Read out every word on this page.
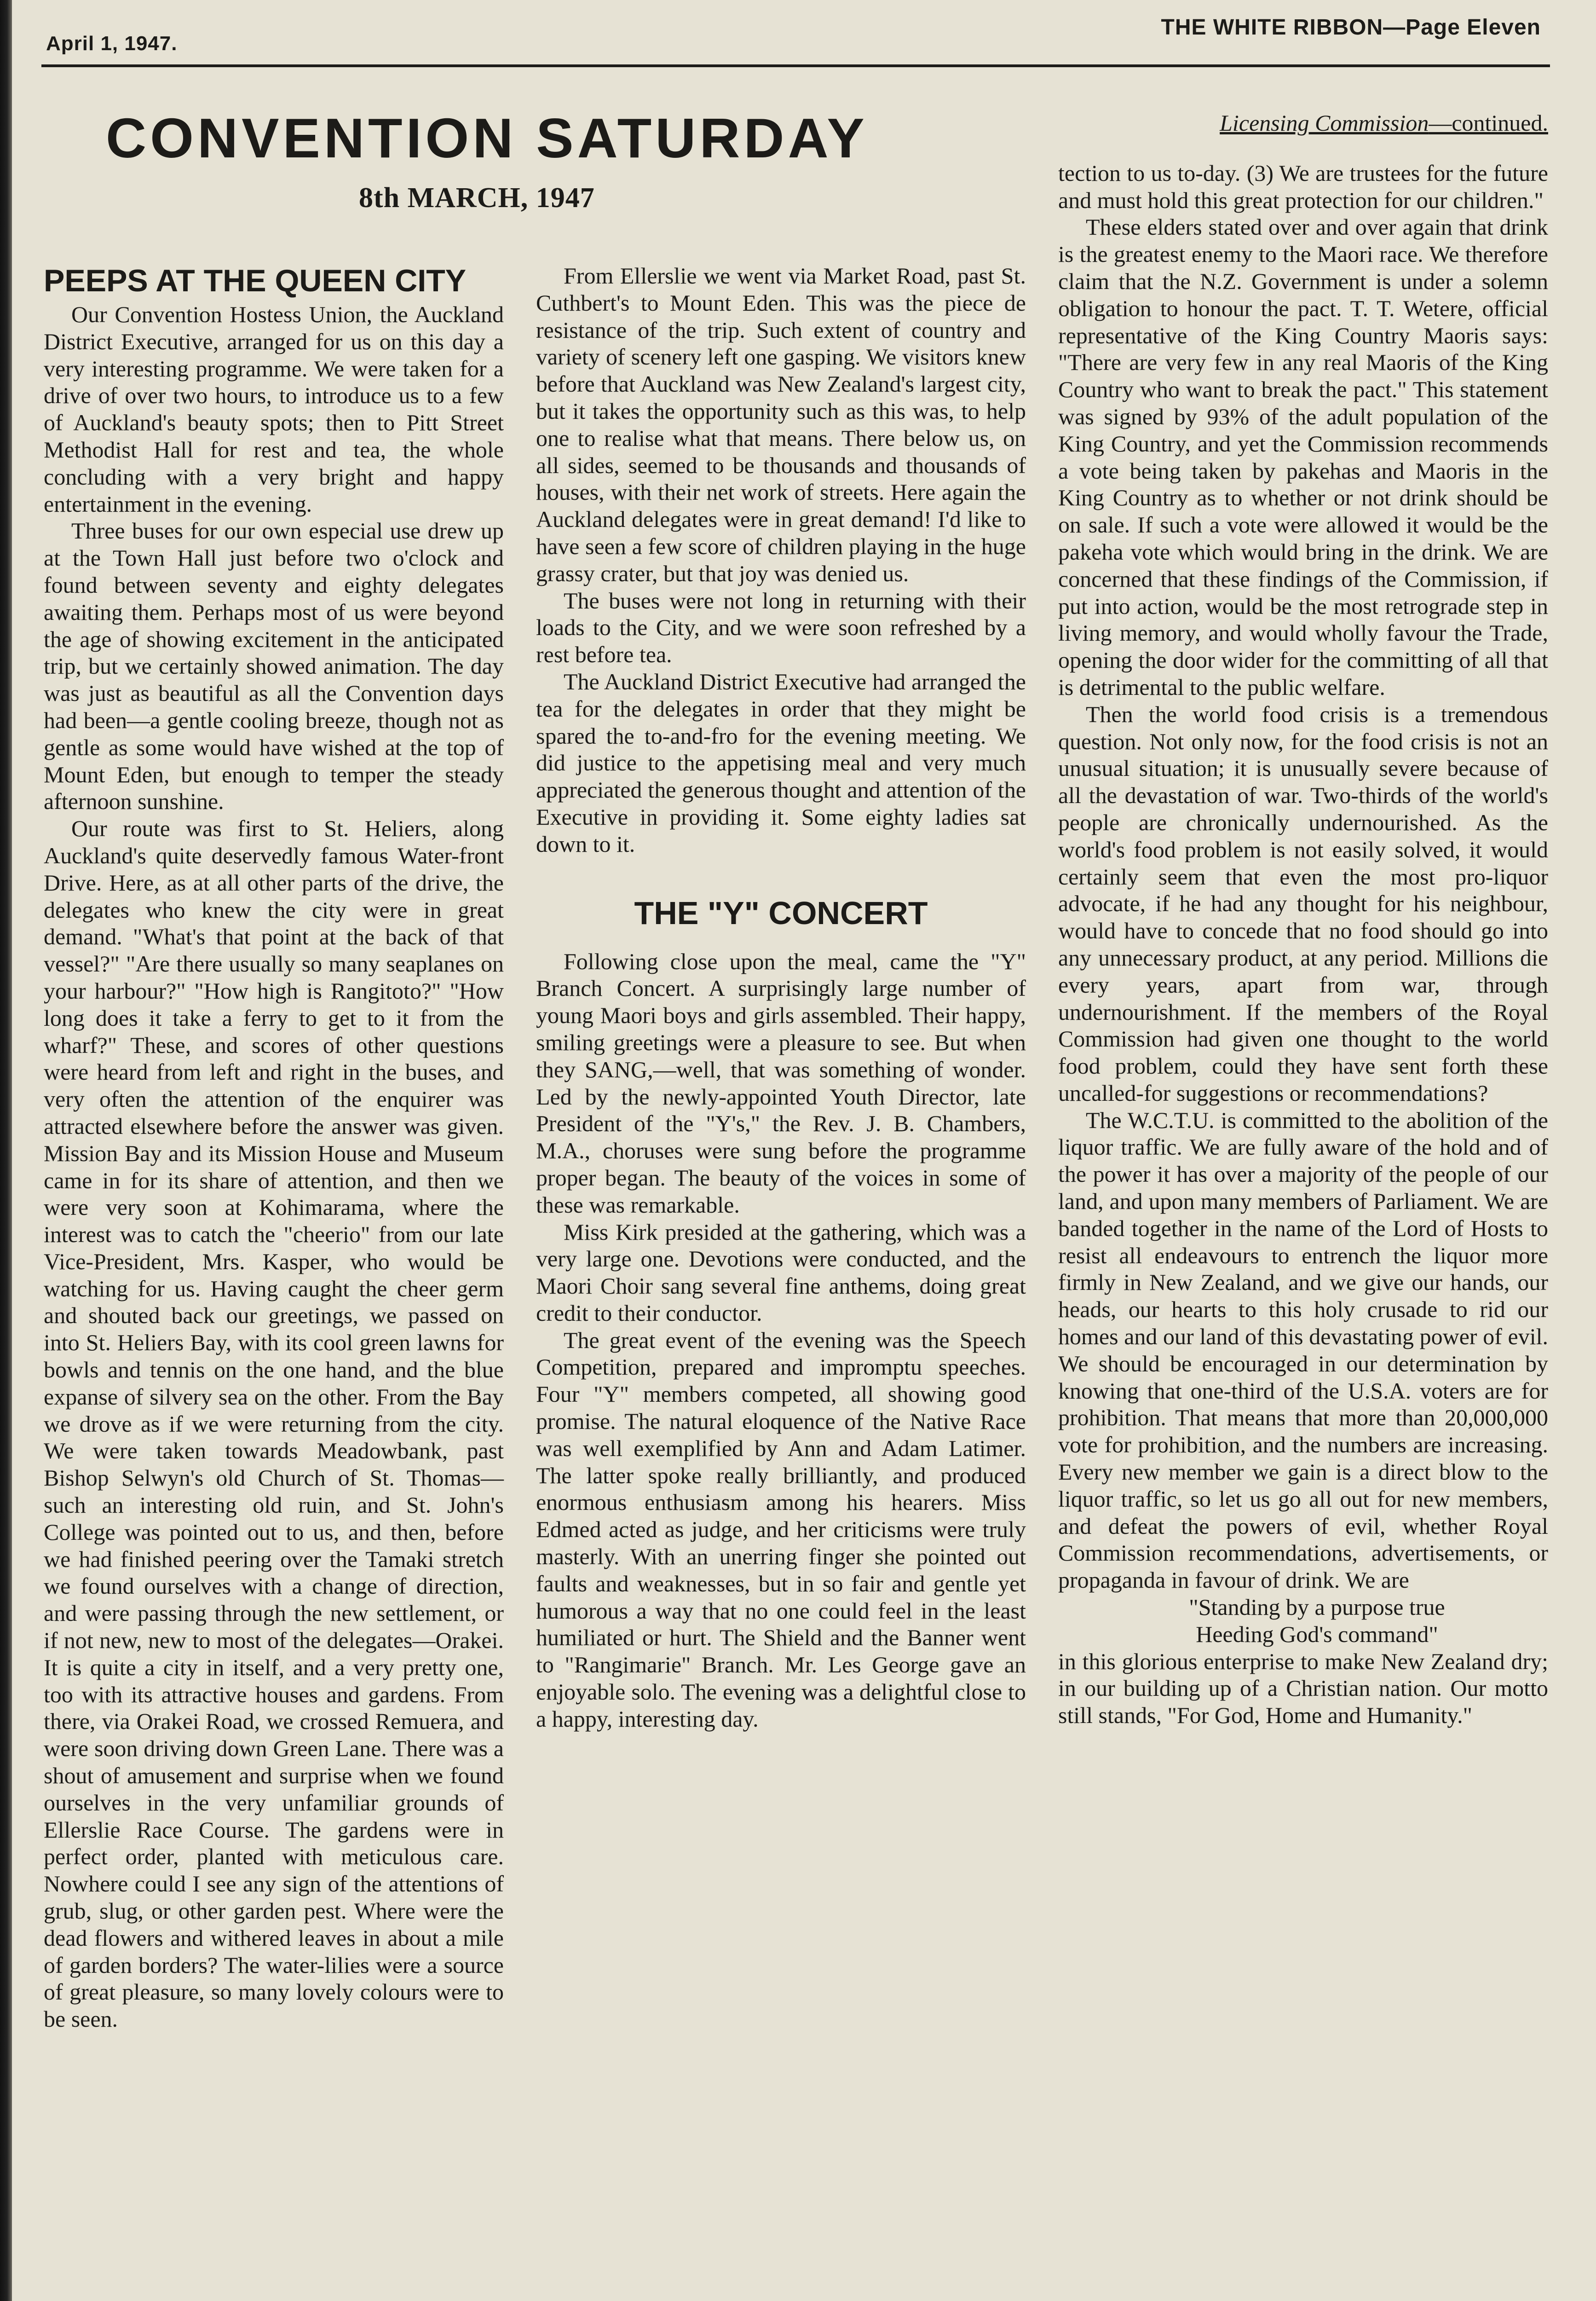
April 1, 1947.
THE WHITE RIBBON—Page Eleven
CONVENTION SATURDAY
8th MARCH, 1947
PEEPS AT THE QUEEN CITY

Our Convention Hostess Union, the Auckland District Executive, arranged for us on this day a very interesting programme. We were taken for a drive of over two hours, to introduce us to a few of Auckland's beauty spots; then to Pitt Street Methodist Hall for rest and tea, the whole concluding with a very bright and happy entertainment in the evening.

Three buses for our own especial use drew up at the Town Hall just before two o'clock and found between seventy and eighty delegates awaiting them. Perhaps most of us were beyond the age of showing excitement in the anticipated trip, but we certainly showed animation. The day was just as beautiful as all the Convention days had been—a gentle cooling breeze, though not as gentle as some would have wished at the top of Mount Eden, but enough to temper the steady afternoon sunshine.

Our route was first to St. Heliers, along Auckland's quite deservedly famous Water-front Drive. Here, as at all other parts of the drive, the delegates who knew the city were in great demand. "What's that point at the back of that vessel?" "Are there usually so many seaplanes on your harbour?" "How high is Rangitoto?" "How long does it take a ferry to get to it from the wharf?" These, and scores of other questions were heard from left and right in the buses, and very often the attention of the enquirer was attracted elsewhere before the answer was given. Mission Bay and its Mission House and Museum came in for its share of attention, and then we were very soon at Kohimarama, where the interest was to catch the "cheerio" from our late Vice-President, Mrs. Kasper, who would be watching for us. Having caught the cheer germ and shouted back our greetings, we passed on into St. Heliers Bay, with its cool green lawns for bowls and tennis on the one hand, and the blue expanse of silvery sea on the other. From the Bay we drove as if we were returning from the city. We were taken towards Meadowbank, past Bishop Selwyn's old Church of St. Thomas—such an interesting old ruin, and St. John's College was pointed out to us, and then, before we had finished peering over the Tamaki stretch we found ourselves with a change of direction, and were passing through the new settlement, or if not new, new to most of the delegates—Orakei. It is quite a city in itself, and a very pretty one, too with its attractive houses and gardens. From there, via Orakei Road, we crossed Remuera, and were soon driving down Green Lane. There was a shout of amusement and surprise when we found ourselves in the very unfamiliar grounds of Ellerslie Race Course. The gardens were in perfect order, planted with meticulous care. Nowhere could I see any sign of the attentions of grub, slug, or other garden pest. Where were the dead flowers and withered leaves in about a mile of garden borders? The water-lilies were a source of great pleasure, so many lovely colours were to be seen.

From Ellerslie we went via Market Road, past St. Cuthbert's to Mount Eden. This was the piece de resistance of the trip. Such extent of country and variety of scenery left one gasping. We visitors knew before that Auckland was New Zealand's largest city, but it takes the opportunity such as this was, to help one to realise what that means. There below us, on all sides, seemed to be thousands and thousands of houses, with their net work of streets. Here again the Auckland delegates were in great demand! I'd like to have seen a few score of children playing in the huge grassy crater, but that joy was denied us.

The buses were not long in returning with their loads to the City, and we were soon refreshed by a rest before tea.

The Auckland District Executive had arranged the tea for the delegates in order that they might be spared the to-and-fro for the evening meeting. We did justice to the appetising meal and very much appreciated the generous thought and attention of the Executive in providing it. Some eighty ladies sat down to it.

THE "Y" CONCERT

Following close upon the meal, came the "Y" Branch Concert. A surprisingly large number of young Maori boys and girls assembled. Their happy, smiling greetings were a pleasure to see. But when they SANG,—well, that was something of wonder. Led by the newly-appointed Youth Director, late President of the "Y's," the Rev. J. B. Chambers, M.A., choruses were sung before the programme proper began. The beauty of the voices in some of these was remarkable.

Miss Kirk presided at the gathering, which was a very large one. Devotions were conducted, and the Maori Choir sang several fine anthems, doing great credit to their conductor.

The great event of the evening was the Speech Competition, prepared and impromptu speeches. Four "Y" members competed, all showing good promise. The natural eloquence of the Native Race was well exemplified by Ann and Adam Latimer. The latter spoke really brilliantly, and produced enormous enthusiasm among his hearers. Miss Edmed acted as judge, and her criticisms were truly masterly. With an unerring finger she pointed out faults and weaknesses, but in so fair and gentle yet humorous a way that no one could feel in the least humiliated or hurt. The Shield and the Banner went to "Rangimarie" Branch. Mr. Les George gave an enjoyable solo. The evening was a delightful close to a happy, interesting day.

Licensing Commission—continued.

tection to us to-day. (3) We are trustees for the future and must hold this great protection for our children."

These elders stated over and over again that drink is the greatest enemy to the Maori race. We therefore claim that the N.Z. Government is under a solemn obligation to honour the pact. T. T. Wetere, official representative of the King Country Maoris says: "There are very few in any real Maoris of the King Country who want to break the pact." This statement was signed by 93% of the adult population of the King Country, and yet the Commission recommends a vote being taken by pakehas and Maoris in the King Country as to whether or not drink should be on sale. If such a vote were allowed it would be the pakeha vote which would bring in the drink. We are concerned that these findings of the Commission, if put into action, would be the most retrograde step in living memory, and would wholly favour the Trade, opening the door wider for the committing of all that is detrimental to the public welfare.

Then the world food crisis is a tremendous question. Not only now, for the food crisis is not an unusual situation; it is unusually severe because of all the devastation of war. Two-thirds of the world's people are chronically undernourished. As the world's food problem is not easily solved, it would certainly seem that even the most pro-liquor advocate, if he had any thought for his neighbour, would have to concede that no food should go into any unnecessary product, at any period. Millions die every years, apart from war, through undernourishment. If the members of the Royal Commission had given one thought to the world food problem, could they have sent forth these uncalled-for suggestions or recommendations?

The W.C.T.U. is committed to the abolition of the liquor traffic. We are fully aware of the hold and of the power it has over a majority of the people of our land, and upon many members of Parliament. We are banded together in the name of the Lord of Hosts to resist all endeavours to entrench the liquor more firmly in New Zealand, and we give our hands, our heads, our hearts to this holy crusade to rid our homes and our land of this devastating power of evil. We should be encouraged in our determination by knowing that one-third of the U.S.A. voters are for prohibition. That means that more than 20,000,000 vote for prohibition, and the numbers are increasing. Every new member we gain is a direct blow to the liquor traffic, so let us go all out for new members, and defeat the powers of evil, whether Royal Commission recommendations, advertisements, or propaganda in favour of drink. We are

"Standing by a purpose true

Heeding God's command"

in this glorious enterprise to make New Zealand dry; in our building up of a Christian nation. Our motto still stands, "For God, Home and Humanity."
